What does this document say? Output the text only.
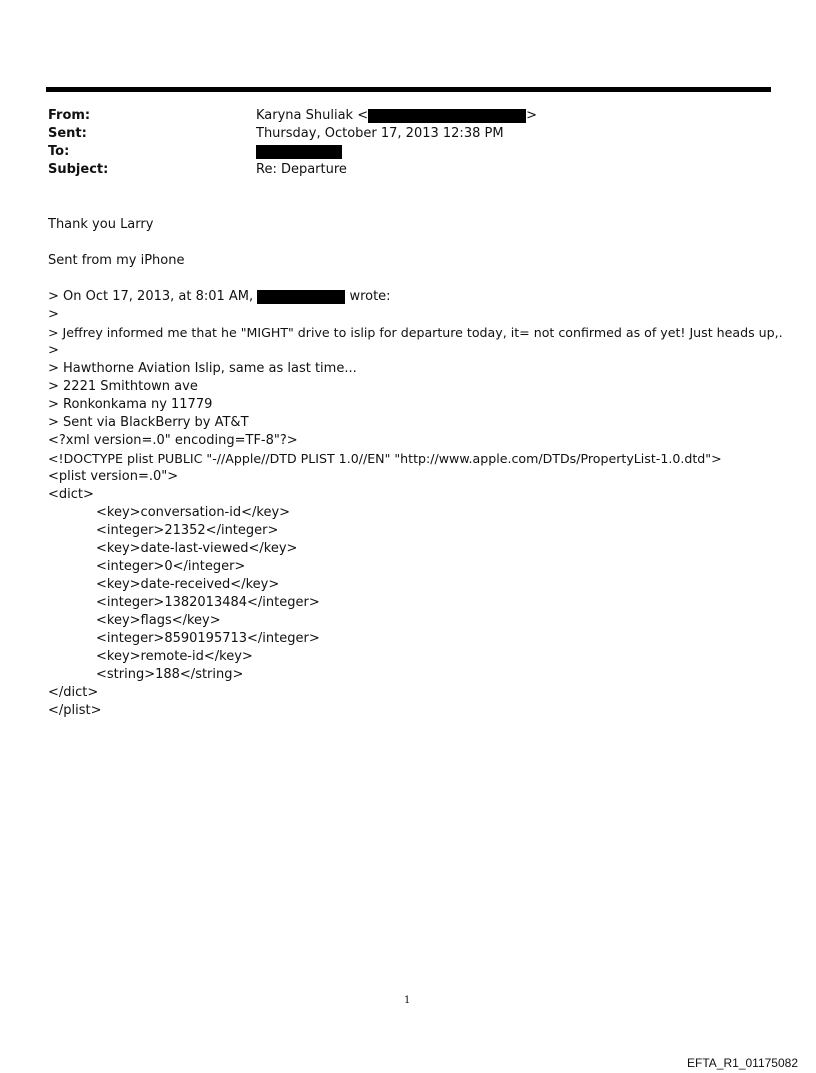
From:	Karyna Shuliak <	>
Sent:	Thursday, October 17, 2013 12:38 PM
To:
Subject:	Re: Departure
Thank you Larry
Sent from my iPhone
> On Oct 17, 2013, at 8:01 AM,	wrote:
>
> Jeffrey informed me that he "MIGHT" drive to islip for departure today, it= not confirmed as of yet! Just heads up,.
>
> Hawthorne Aviation Islip, same as last time...
> 2221 Smithtown ave
> Ronkonkama ny 11779
> Sent via BlackBerry by AT&T
<?xml version=.0" encoding=TF-8"?>
<!DOCTYPE plist PUBLIC "-//Apple//DTD PLIST 1.0//EN" "http://www.apple.com/DTDs/PropertyList-1.0.dtd">
<plist version=.0">
<dict>
<key>conversation-id</key>
<integer>21352</integer>
<key>date-last-viewed</key>
<integer>0</integer>
<key>date-received</key>
<integer>1382013484</integer>
<key>flags</key>
<integer>8590195713</integer>
<key>remote-id</key>
<string>188</string>
</dict>
</plist>
1
EFTA_R1_01175082
